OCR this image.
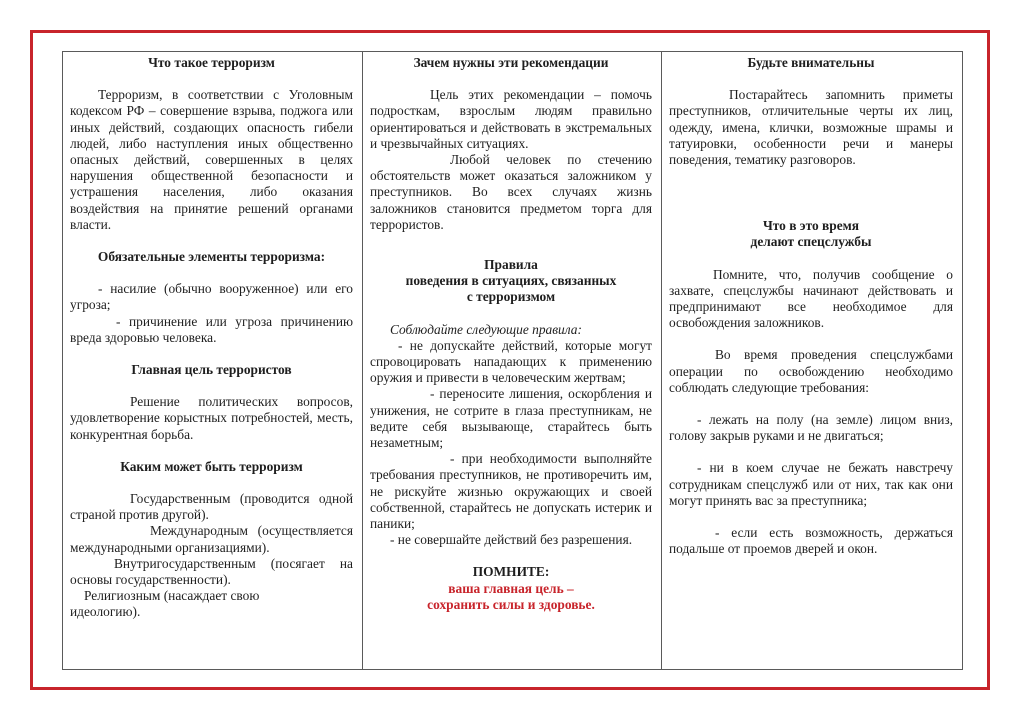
Что такое терроризм

Терроризм, в соответствии с Уголовным кодексом РФ – совершение взрыва, поджога или иных действий, создающих опасность гибели людей, либо наступления иных общественно опасных действий, совершенных в целях нарушения общественной безопасности и устрашения населения, либо оказания воздействия на принятие решений органами власти.

Обязательные элементы терроризма:

- насилие (обычно вооруженное) или его угроза;

- причинение или угроза причинению вреда здоровью человека.

Главная цель террористов

Решение политических вопросов, удовлетворение корыстных потребностей, месть, конкурентная борьба.

Каким может быть терроризм

Государственным (проводится одной страной против другой).

Международным (осуществляется международными организациями).

Внутригосударственным (посягает на основы государственности).

Религиозным (насаждает свою идеологию).

Зачем нужны эти рекомендации

Цель этих рекомендации – помочь подросткам, взрослым людям правильно ориентироваться и действовать в экстремальных и чрезвычайных ситуациях.

Любой человек по стечению обстоятельств может оказаться заложником у преступников. Во всех случаях жизнь заложников становится предметом торга для террористов.

Правила

поведения в ситуациях, связанных

с терроризмом

Соблюдайте следующие правила:

- не допускайте действий, которые могут спровоцировать нападающих к применению оружия и привести в человеческим жертвам;

- переносите лишения, оскорбления и унижения, не сотрите в глаза преступникам, не ведите себя вызывающе, старайтесь быть незаметным;

- при необходимости выполняйте требования преступников, не противоречить им, не рискуйте жизнью окружающих и своей собственной, старайтесь не допускать истерик и паники;

- не совершайте действий без разрешения.

ПОМНИТЕ:

ваша главная цель –

сохранить силы и здоровье.

Будьте внимательны

Постарайтесь запомнить приметы преступников, отличительные черты их лиц, одежду, имена, клички, возможные шрамы и татуировки, особенности речи и манеры поведения, тематику разговоров.

Что в это время

делают спецслужбы

Помните, что, получив сообщение о захвате, спецслужбы начинают действовать и предпринимают все необходимое для освобождения заложников.

Во время проведения спецслужбами операции по освобождению необходимо соблюдать следующие требования:

- лежать на полу (на земле) лицом вниз, голову закрыв руками и не двигаться;

- ни в коем случае не бежать навстречу сотрудникам спецслужб или от них, так как они могут принять вас за преступника;

- если есть возможность, держаться подальше от проемов дверей и окон.
